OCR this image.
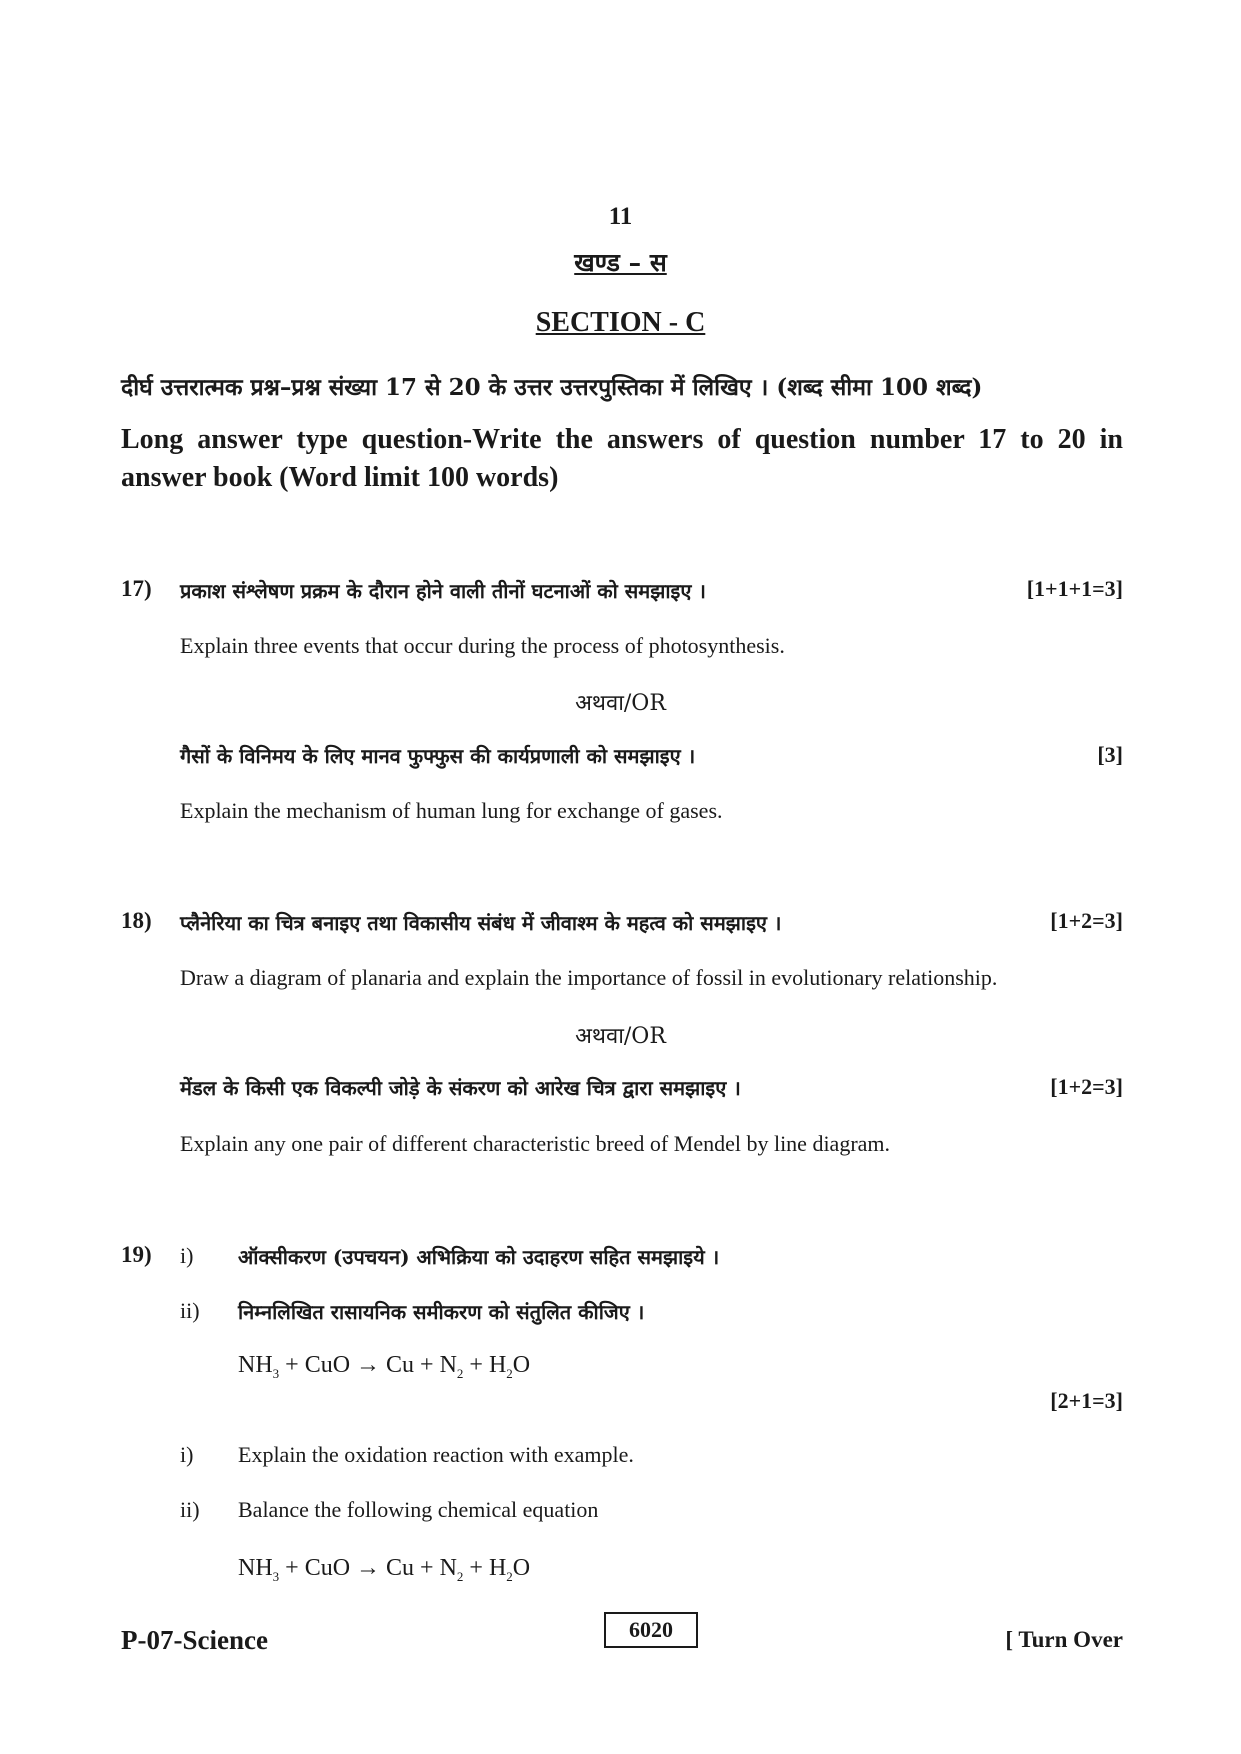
11
खण्ड – स
SECTION - C
दीर्घ उत्तरात्मक प्रश्न–प्रश्न संख्या 17 से 20 के उत्तर उत्तरपुस्तिका में लिखिए । (शब्द सीमा 100 शब्द)
Long answer type question-Write the answers of question number 17 to 20 in answer book (Word limit 100 words)
17) प्रकाश संश्लेषण प्रक्रम के दौरान होने वाली तीनों घटनाओं को समझाइए ।	[1+1+1=3]
Explain three events that occur during the process of photosynthesis.
अथवा/OR
गैसों के विनिमय के लिए मानव फुफ्फुस की कार्यप्रणाली को समझाइए ।	[3]
Explain the mechanism of human lung for exchange of gases.
18) प्लैनेरिया का चित्र बनाइए तथा विकासीय संबंध में जीवाश्म के महत्व को समझाइए ।	[1+2=3]
Draw a diagram of planaria and explain the importance of fossil in evolutionary relationship.
अथवा/OR
मेंडल के किसी एक विकल्पी जोड़े के संकरण को आरेख चित्र द्वारा समझाइए ।	[1+2=3]
Explain any one pair of different characteristic breed of Mendel by line diagram.
19) i) ऑक्सीकरण (उपचयन) अभिक्रिया को उदाहरण सहित समझाइये ।
ii) निम्नलिखित रासायनिक समीकरण को संतुलित कीजिए ।
$NH_3$ + CuO → $Cu + N_2 + H_2O$
[2+1=3]
i) Explain the oxidation reaction with example.
ii) Balance the following chemical equation
$NH_3$ + CuO → $Cu + N_2 + H_2O$
P-07-Science	6020	[ Turn Over
